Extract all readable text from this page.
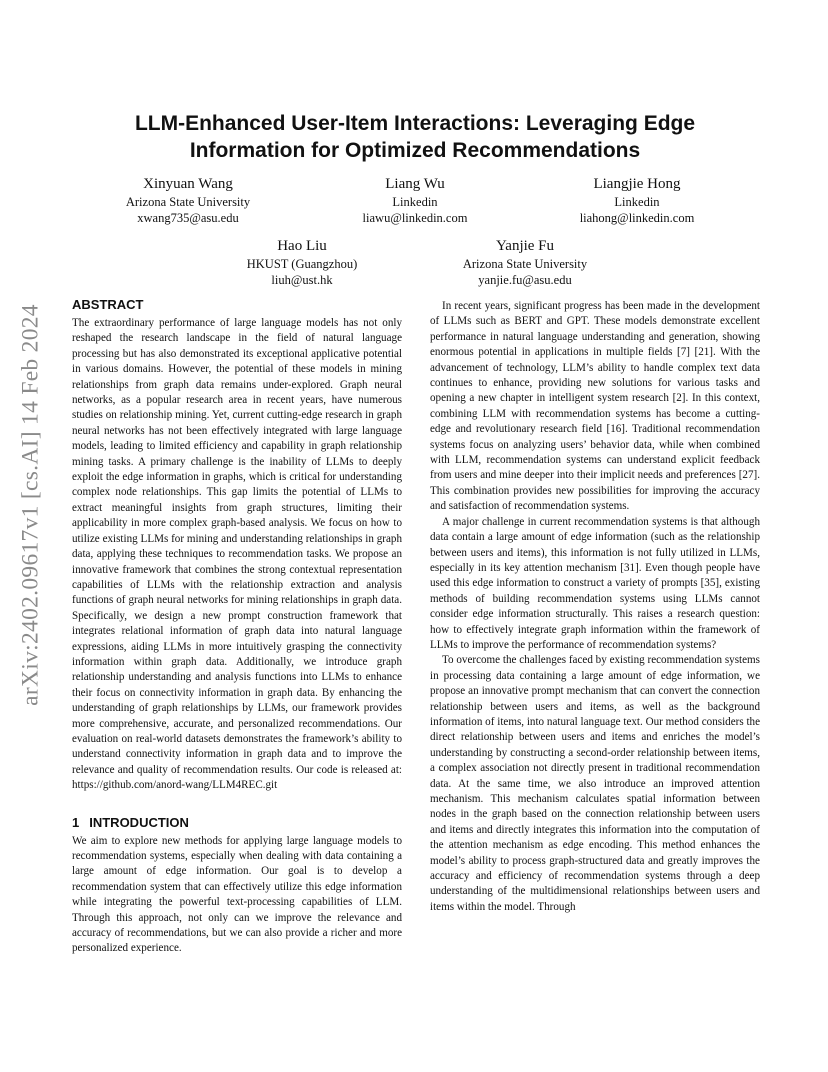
arXiv:2402.09617v1 [cs.AI] 14 Feb 2024
LLM-Enhanced User-Item Interactions: Leveraging Edge Information for Optimized Recommendations
Xinyuan Wang
Arizona State University
xwang735@asu.edu
Liang Wu
Linkedin
liawu@linkedin.com
Liangjie Hong
Linkedin
liahong@linkedin.com
Hao Liu
HKUST (Guangzhou)
liuh@ust.hk
Yanjie Fu
Arizona State University
yanjie.fu@asu.edu
ABSTRACT

The extraordinary performance of large language models has not only reshaped the research landscape in the field of natural language processing but has also demonstrated its exceptional applicative potential in various domains. However, the potential of these models in mining relationships from graph data remains under-explored. Graph neural networks, as a popular research area in recent years, have numerous studies on relationship mining. Yet, current cutting-edge research in graph neural networks has not been effectively integrated with large language models, leading to limited efficiency and capability in graph relationship mining tasks. A primary challenge is the inability of LLMs to deeply exploit the edge information in graphs, which is critical for understanding complex node relationships. This gap limits the potential of LLMs to extract meaningful insights from graph structures, limiting their applicability in more complex graph-based analysis. We focus on how to utilize existing LLMs for mining and understanding relationships in graph data, applying these techniques to recommendation tasks. We propose an innovative framework that combines the strong contextual representation capabilities of LLMs with the relationship extraction and analysis functions of graph neural networks for mining relationships in graph data. Specifically, we design a new prompt construction framework that integrates relational information of graph data into natural language expressions, aiding LLMs in more intuitively grasping the connectivity information within graph data. Additionally, we introduce graph relationship understanding and analysis functions into LLMs to enhance their focus on connectivity information in graph data. By enhancing the understanding of graph relationships by LLMs, our framework provides more comprehensive, accurate, and personalized recommendations. Our evaluation on real-world datasets demonstrates the framework’s ability to understand connectivity information in graph data and to improve the relevance and quality of recommendation results. Our code is released at: https://github.com/anord-wang/LLM4REC.git

1 INTRODUCTION

We aim to explore new methods for applying large language models to recommendation systems, especially when dealing with data containing a large amount of edge information. Our goal is to develop a recommendation system that can effectively utilize this edge information while integrating the powerful text-processing capabilities of LLM. Through this approach, not only can we improve the relevance and accuracy of recommendations, but we can also provide a richer and more personalized experience.

In recent years, significant progress has been made in the development of LLMs such as BERT and GPT. These models demonstrate excellent performance in natural language understanding and generation, showing enormous potential in applications in multiple fields [7] [21]. With the advancement of technology, LLM’s ability to handle complex text data continues to enhance, providing new solutions for various tasks and opening a new chapter in intelligent system research [2]. In this context, combining LLM with recommendation systems has become a cutting-edge and revolutionary research field [16]. Traditional recommendation systems focus on analyzing users’ behavior data, while when combined with LLM, recommendation systems can understand explicit feedback from users and mine deeper into their implicit needs and preferences [27]. This combination provides new possibilities for improving the accuracy and satisfaction of recommendation systems.

A major challenge in current recommendation systems is that although data contain a large amount of edge information (such as the relationship between users and items), this information is not fully utilized in LLMs, especially in its key attention mechanism [31]. Even though people have used this edge information to construct a variety of prompts [35], existing methods of building recommendation systems using LLMs cannot consider edge information structurally. This raises a research question: how to effectively integrate graph information within the framework of LLMs to improve the performance of recommendation systems?

To overcome the challenges faced by existing recommendation systems in processing data containing a large amount of edge information, we propose an innovative prompt mechanism that can convert the connection relationship between users and items, as well as the background information of items, into natural language text. Our method considers the direct relationship between users and items and enriches the model’s understanding by constructing a second-order relationship between items, a complex association not directly present in traditional recommendation data. At the same time, we also introduce an improved attention mechanism. This mechanism calculates spatial information between nodes in the graph based on the connection relationship between users and items and directly integrates this information into the computation of the attention mechanism as edge encoding. This method enhances the model’s ability to process graph-structured data and greatly improves the accuracy and efficiency of recommendation systems through a deep understanding of the multidimensional relationships between users and items within the model. Through
